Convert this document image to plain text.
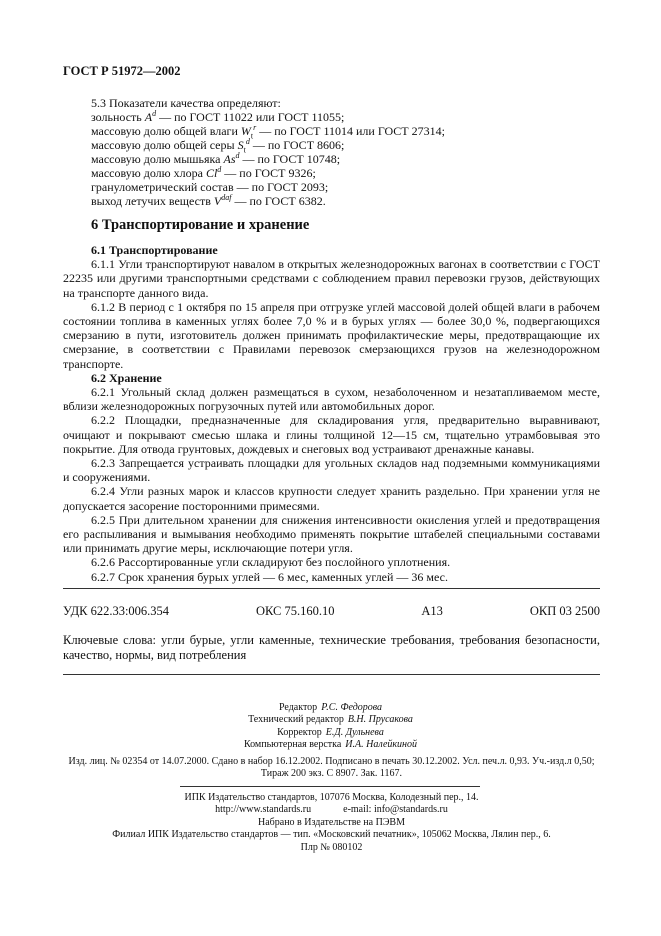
ГОСТ Р 51972—2002
5.3 Показатели качества определяют:
зольность $A^d$ — по ГОСТ 11022 или ГОСТ 11055;
массовую долю общей влаги $W_t^r$ — по ГОСТ 11014 или ГОСТ 27314;
массовую долю общей серы $S_t^d$ — по ГОСТ 8606;
массовую долю мышьяка As$^d$ — по ГОСТ 10748;
массовую долю хлора Cl$^d$ — по ГОСТ 9326;
гранулометрический состав — по ГОСТ 2093;
выход летучих веществ $V^{daf}$ — по ГОСТ 6382.
6 Транспортирование и хранение
6.1 Транспортирование

6.1.1 Угли транспортируют навалом в открытых железнодорожных вагонах в соответствии с ГОСТ 22235 или другими транспортными средствами с соблюдением правил перевозки грузов, действующих на транспорте данного вида.

6.1.2 В период с 1 октября по 15 апреля при отгрузке углей массовой долей общей влаги в рабочем состоянии топлива в каменных углях более 7,0 % и в бурых углях — более 30,0 %, подвергающихся смерзанию в пути, изготовитель должен принимать профилактические меры, предотвращающие их смерзание, в соответствии с Правилами перевозок смерзающихся грузов на железнодорожном транспорте.

6.2 Хранение

6.2.1 Угольный склад должен размещаться в сухом, незаболоченном и незатапливаемом месте, вблизи железнодорожных погрузочных путей или автомобильных дорог.

6.2.2 Площадки, предназначенные для складирования угля, предварительно выравнивают, очищают и покрывают смесью шлака и глины толщиной 12—15 см, тщательно утрамбовывая это покрытие. Для отвода грунтовых, дождевых и снеговых вод устраивают дренажные канавы.

6.2.3 Запрещается устраивать площадки для угольных складов над подземными коммуникациями и сооружениями.

6.2.4 Угли разных марок и классов крупности следует хранить раздельно. При хранении угля не допускается засорение посторонними примесями.

6.2.5 При длительном хранении для снижения интенсивности окисления углей и предотвращения его распыливания и вымывания необходимо применять покрытие штабелей специальными составами или принимать другие меры, исключающие потери угля.

6.2.6 Рассортированные угли складируют без послойного уплотнения.

6.2.7 Срок хранения бурых углей — 6 мес, каменных углей — 36 мес.

УДК 622.33:006.354	ОКС 75.160.10	А13	ОКП 03 2500
Ключевые слова: угли бурые, угли каменные, технические требования, требования безопасности, качество, нормы, вид потребления
Редактор Р.С. Федорова
Технический редактор В.Н. Прусакова
Корректор Е.Д. Дульнева
Компьютерная верстка И.А. Налейкиной
Изд. лиц. № 02354 от 14.07.2000. Сдано в набор 16.12.2002. Подписано в печать 30.12.2002. Усл. печ.л. 0,93. Уч.-изд.л 0,50;
Тираж 200 экз. С 8907. Зак. 1167.
ИПК Издательство стандартов, 107076 Москва, Колодезный пер., 14.
http://www.standards.ru	e-mail: info@standards.ru
Набрано в Издательстве на ПЭВМ
Филиал ИПК Издательство стандартов — тип. «Московский печатник», 105062 Москва, Лялин пер., 6.
Плр № 080102
